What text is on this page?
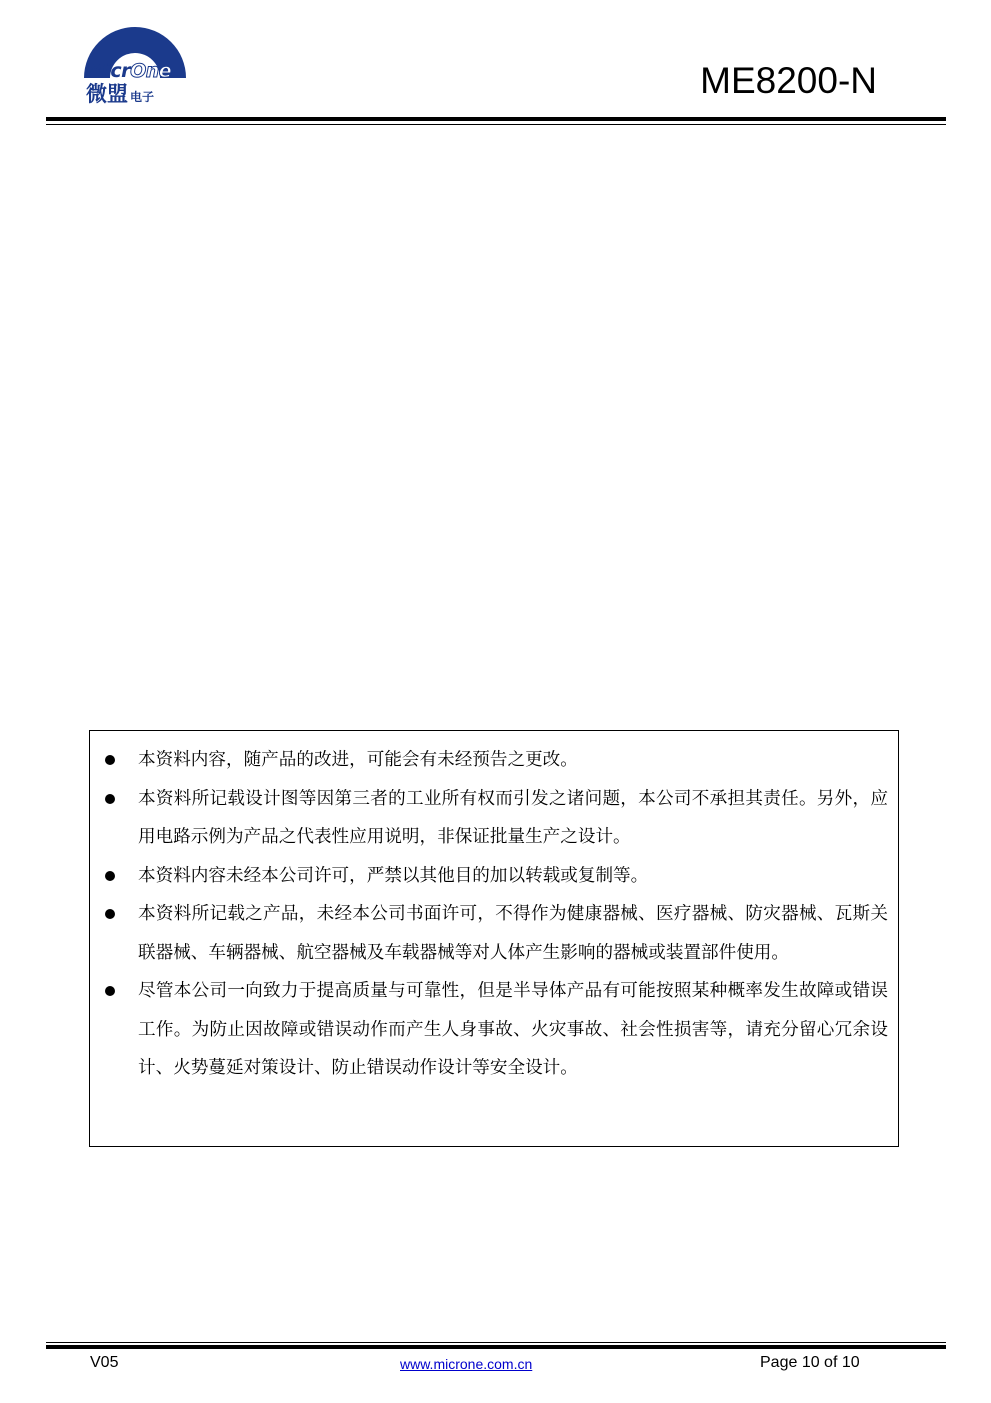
MicrOne
微盟 电子	ME8200-N
本资料内容，随产品的改进，可能会有未经预告之更改。
本资料所记载设计图等因第三者的工业所有权而引发之诸问题，本公司不承担其责任。另外，应用电路示例为产品之代表性应用说明，非保证批量生产之设计。
本资料内容未经本公司许可，严禁以其他目的加以转载或复制等。
本资料所记载之产品，未经本公司书面许可，不得作为健康器械、医疗器械、防灾器械、瓦斯关联器械、车辆器械、航空器械及车载器械等对人体产生影响的器械或装置部件使用。
尽管本公司一向致力于提高质量与可靠性，但是半导体产品有可能按照某种概率发生故障或错误工作。为防止因故障或错误动作而产生人身事故、火灾事故、社会性损害等，请充分留心冗余设计、火势蔓延对策设计、防止错误动作设计等安全设计。
V05	www.microne.com.cn	Page 10 of 10
